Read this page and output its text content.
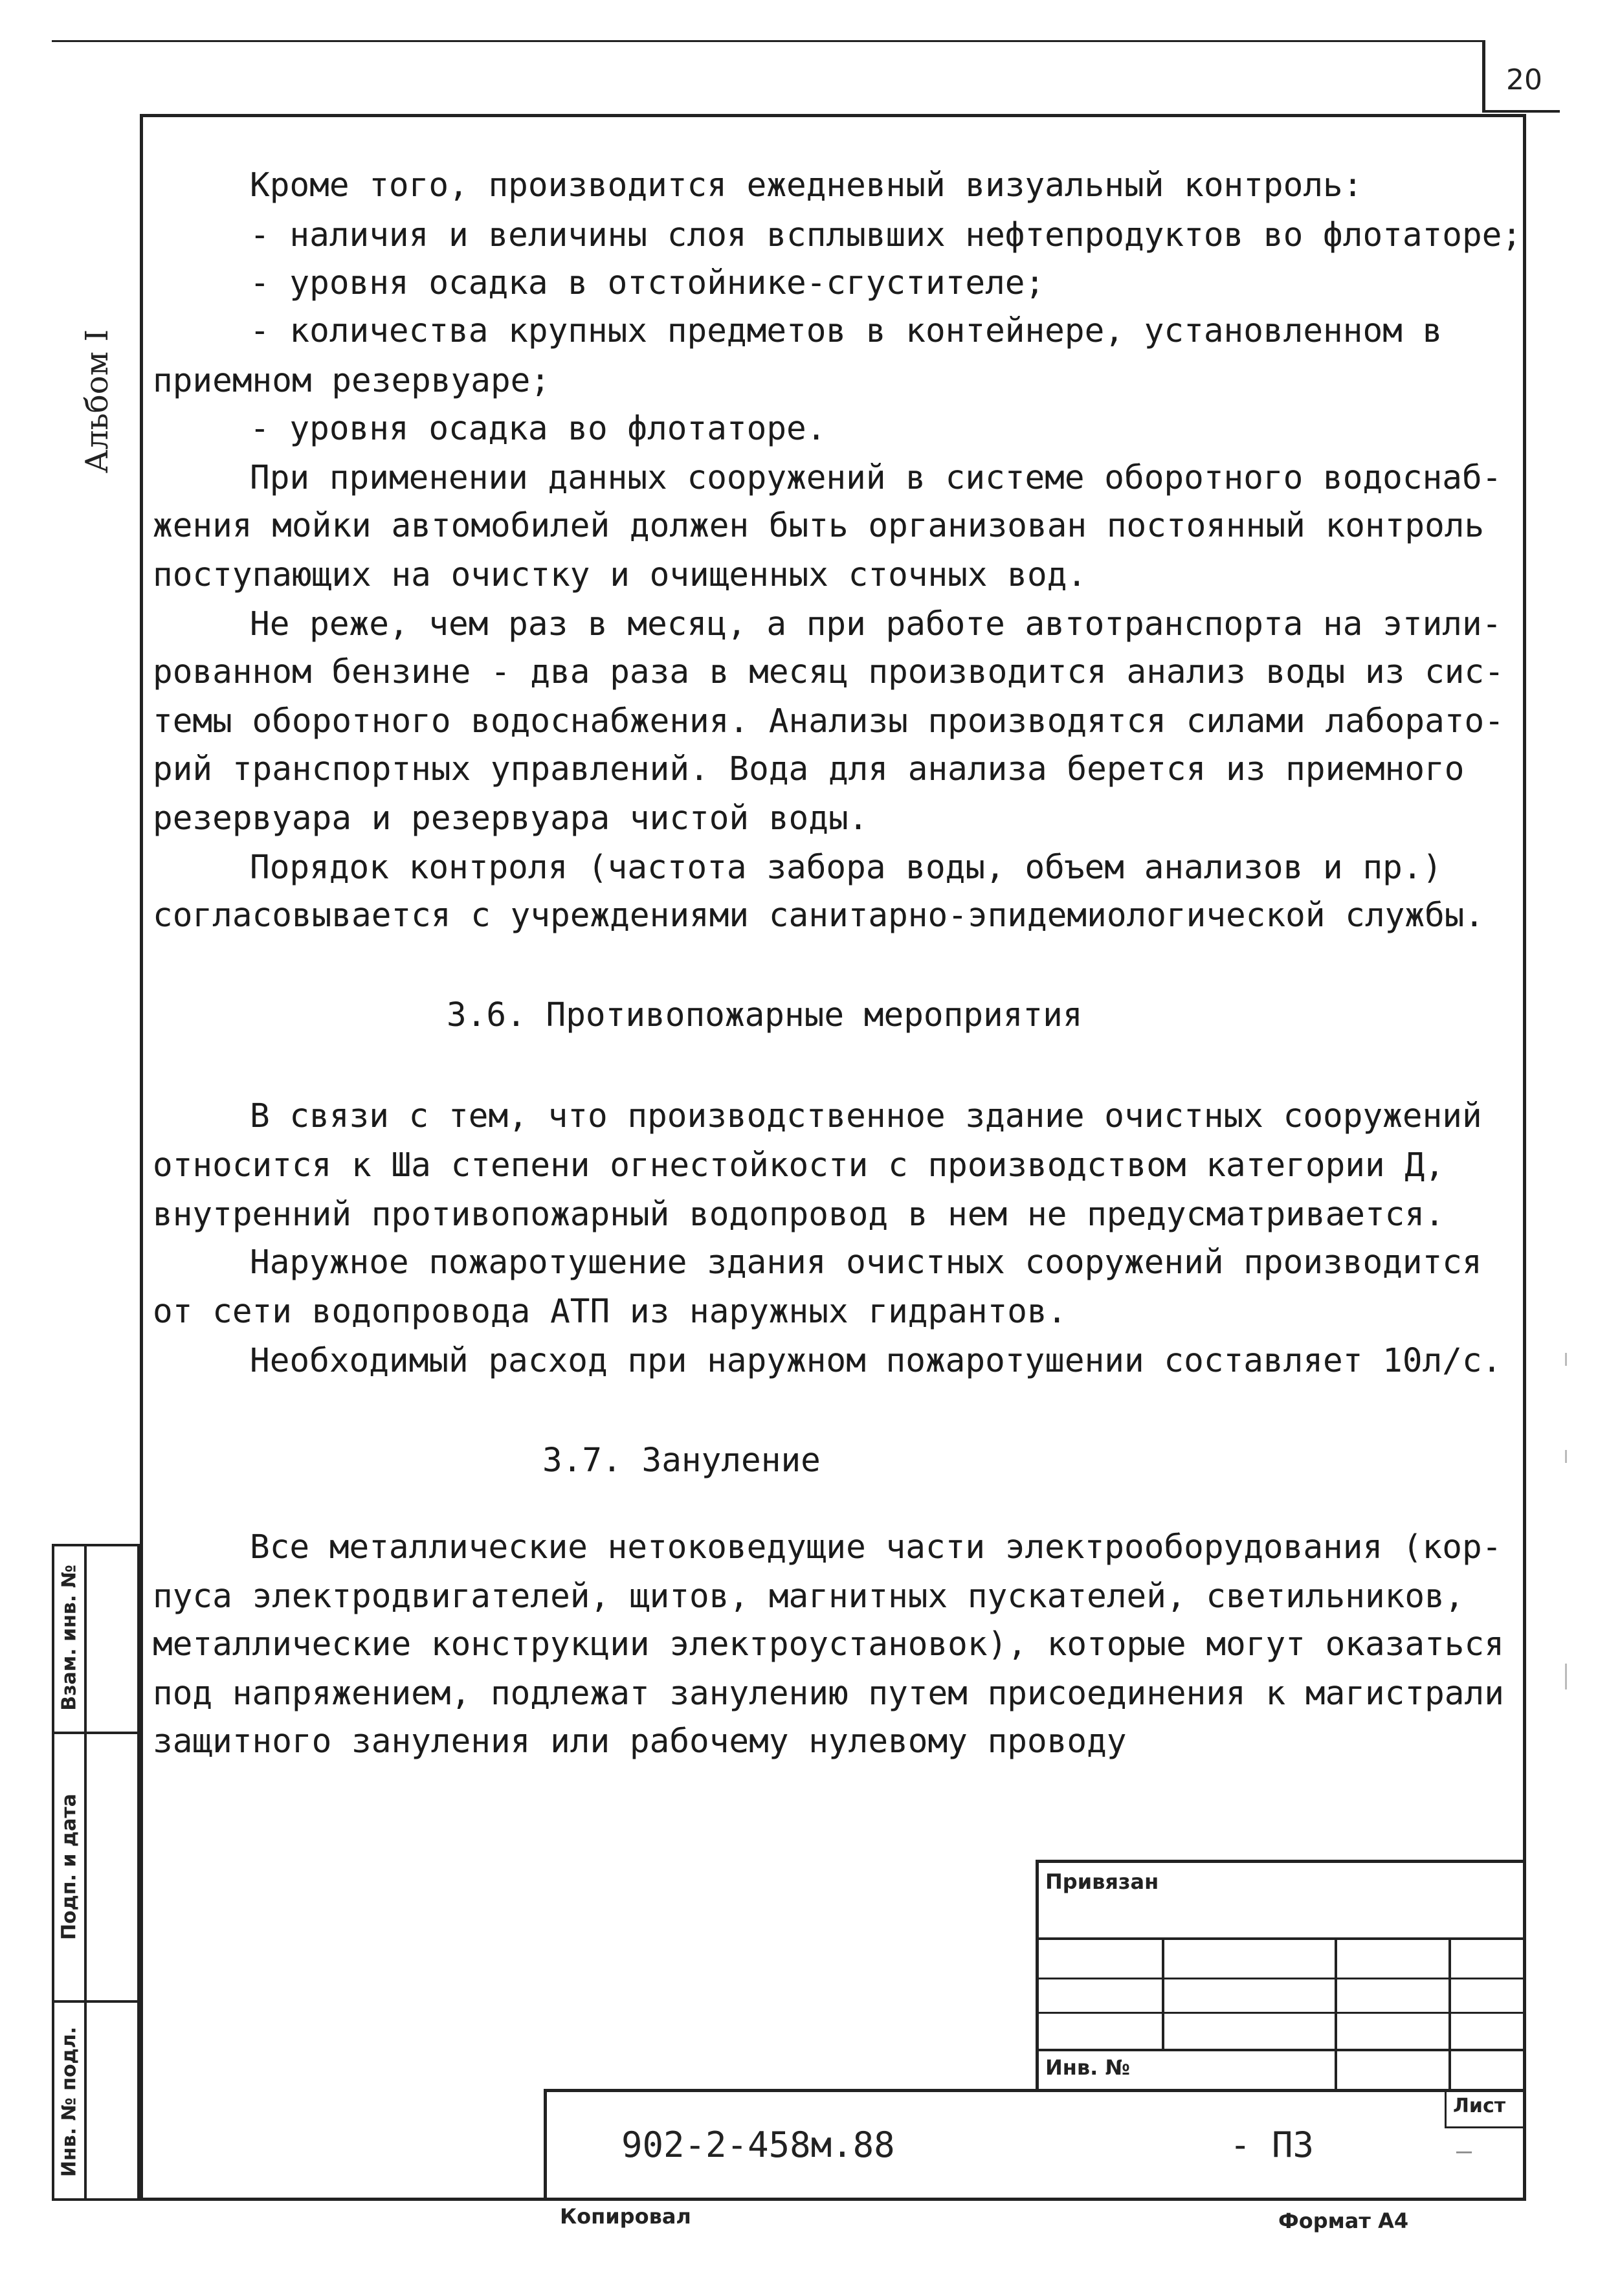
20
Альбом I
Взам. инв. №
Подп. и дата
Инв. № подл.
Кроме того, производится ежедневный визуальный контроль:
- наличия и величины слоя всплывших нефтепродуктов во флотаторе;
- уровня осадка в отстойнике-сгустителе;
- количества крупных предметов в контейнере, установленном в
приемном резервуаре;
- уровня осадка во флотаторе.
При применении данных сооружений в системе оборотного водоснаб-
жения мойки автомобилей должен быть организован постоянный контроль
поступающих на очистку и очищенных сточных вод.
Не реже, чем раз в месяц, а при работе автотранспорта на этили-
рованном бензине - два раза в месяц производится анализ воды из сис-
темы оборотного водоснабжения. Анализы производятся силами лаборато-
рий транспортных управлений. Вода для анализа берется из приемного
резервуара и резервуара чистой воды.
Порядок контроля (частота забора воды, объем анализов и пр.)
согласовывается с учреждениями санитарно-эпидемиологической службы.
3.6. Противопожарные мероприятия
В связи с тем, что производственное здание очистных сооружений
относится к Ша степени огнестойкости с производством категории Д,
внутренний противопожарный водопровод в нем не предусматривается.
Наружное пожаротушение здания очистных сооружений производится
от сети водопровода АТП из наружных гидрантов.
Необходимый расход при наружном пожаротушении составляет 10л/с.
3.7. Зануление
Все металлические нетоковедущие части электрооборудования (кор-
пуса электродвигателей, щитов, магнитных пускателей, светильников,
металлические конструкции электроустановок), которые могут оказаться
под напряжением, подлежат занулению путем присоединения к магистрали
защитного зануления или рабочему нулевому проводу
Привязан
Инв. №
902-2-458м.88	- ПЗ
Лист
—
Копировал	Формат А4
